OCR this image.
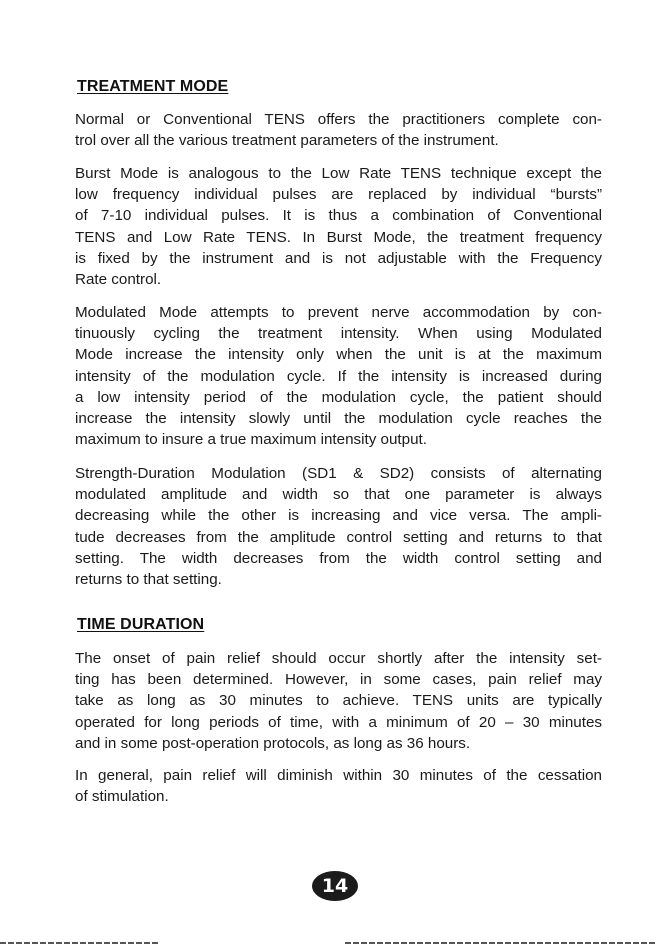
TREATMENT MODE

Normal or Conventional TENS offers the practitioners complete con-
trol over all the various treatment parameters of the instrument.

Burst Mode is analogous to the Low Rate TENS technique except the
low frequency individual pulses are replaced by individual “bursts”
of 7-10 individual pulses. It is thus a combination of Conventional
TENS and Low Rate TENS. In Burst Mode, the treatment frequency
is fixed by the instrument and is not adjustable with the Frequency
Rate control.

Modulated Mode attempts to prevent nerve accommodation by con-
tinuously cycling the treatment intensity. When using Modulated
Mode increase the intensity only when the unit is at the maximum
intensity of the modulation cycle. If the intensity is increased during
a low intensity period of the modulation cycle, the patient should
increase the intensity slowly until the modulation cycle reaches the
maximum to insure a true maximum intensity output.

Strength-Duration Modulation (SD1 & SD2) consists of alternating
modulated amplitude and width so that one parameter is always
decreasing while the other is increasing and vice versa. The ampli-
tude decreases from the amplitude control setting and returns to that
setting. The width decreases from the width control setting and
returns to that setting.

TIME DURATION

The onset of pain relief should occur shortly after the intensity set-
ting has been determined. However, in some cases, pain relief may
take as long as 30 minutes to achieve. TENS units are typically
operated for long periods of time, with a minimum of 20 – 30 minutes
and in some post-operation protocols, as long as 36 hours.

In general, pain relief will diminish within 30 minutes of the cessation
of stimulation.

14
